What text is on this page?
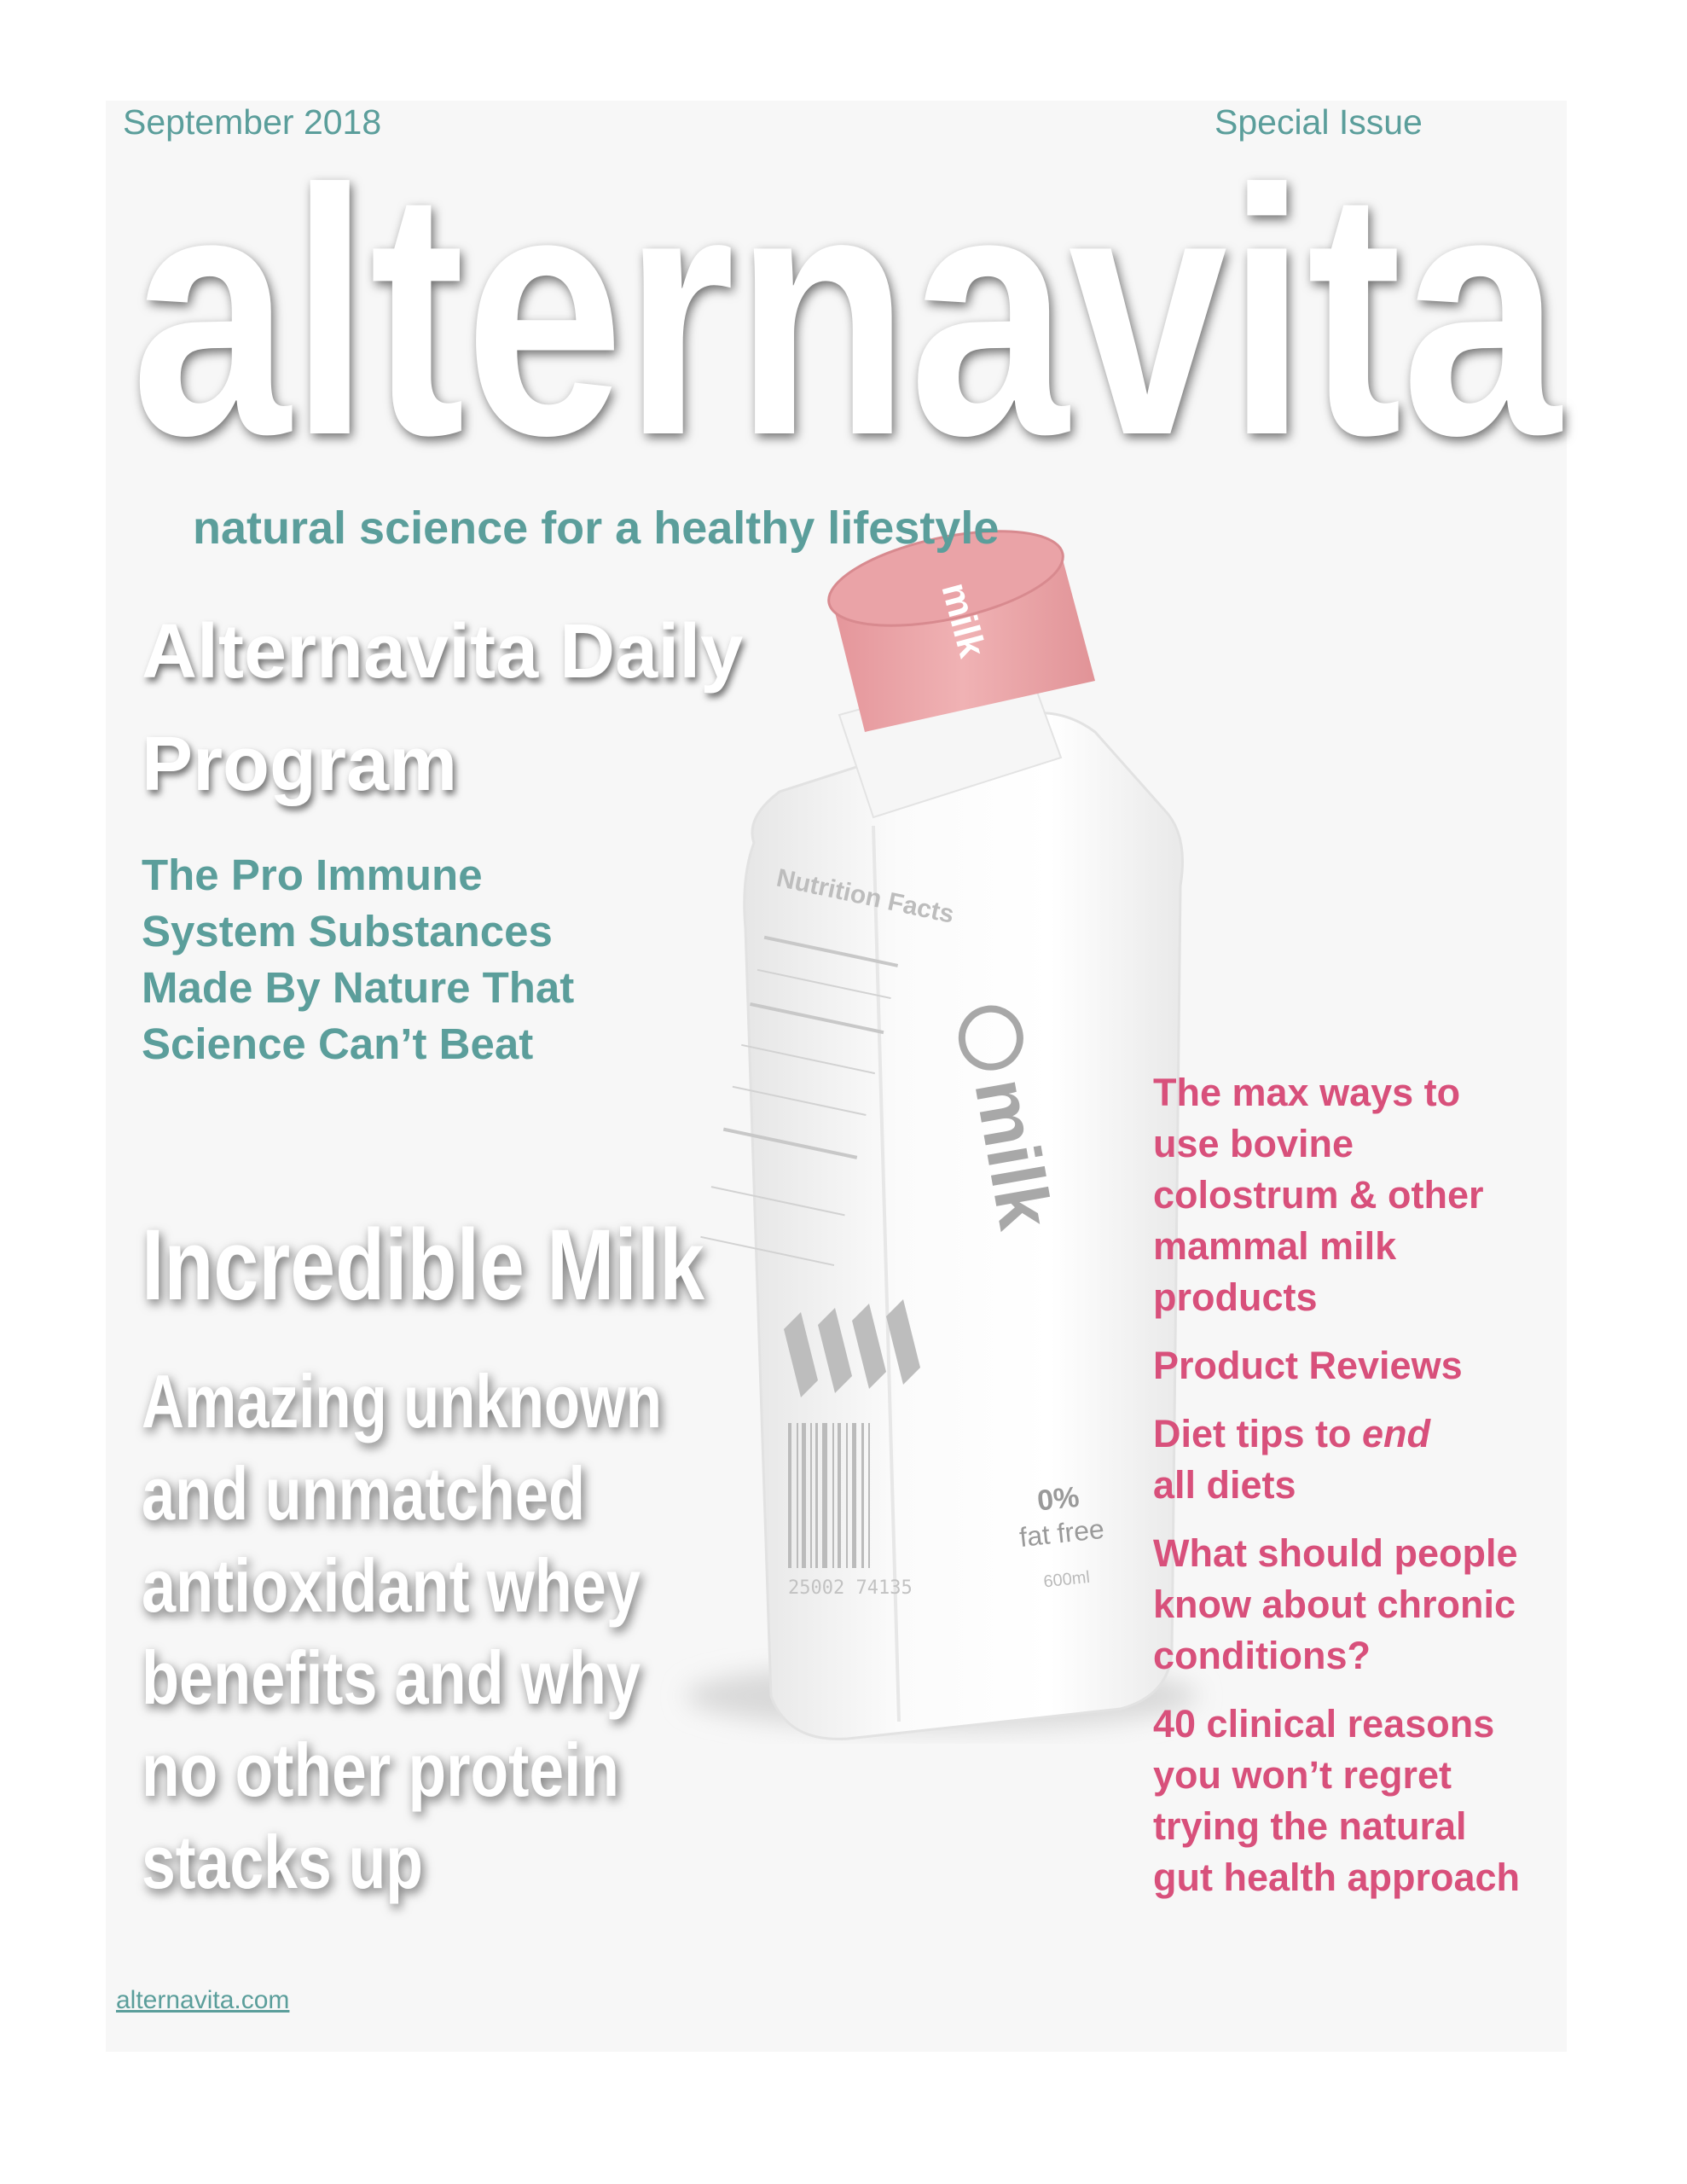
milk
Nutrition Facts
25002 74135
milk
0%
fat free
600ml
September 2018	Special Issue
alternavita
natural science for a healthy lifestyle
Alternavita Daily
Program
The Pro Immune
System Substances
Made By Nature That
Science Can’t Beat
Incredible Milk
Amazing unknown
and unmatched
antioxidant whey
benefits and why
no other protein
stacks up
The max ways to
use bovine
colostrum & other
mammal milk
products
Product Reviews
Diet tips to end
all diets
What should people
know about chronic
conditions?
40 clinical reasons
you won’t regret
trying the natural
gut health approach
alternavita.com
